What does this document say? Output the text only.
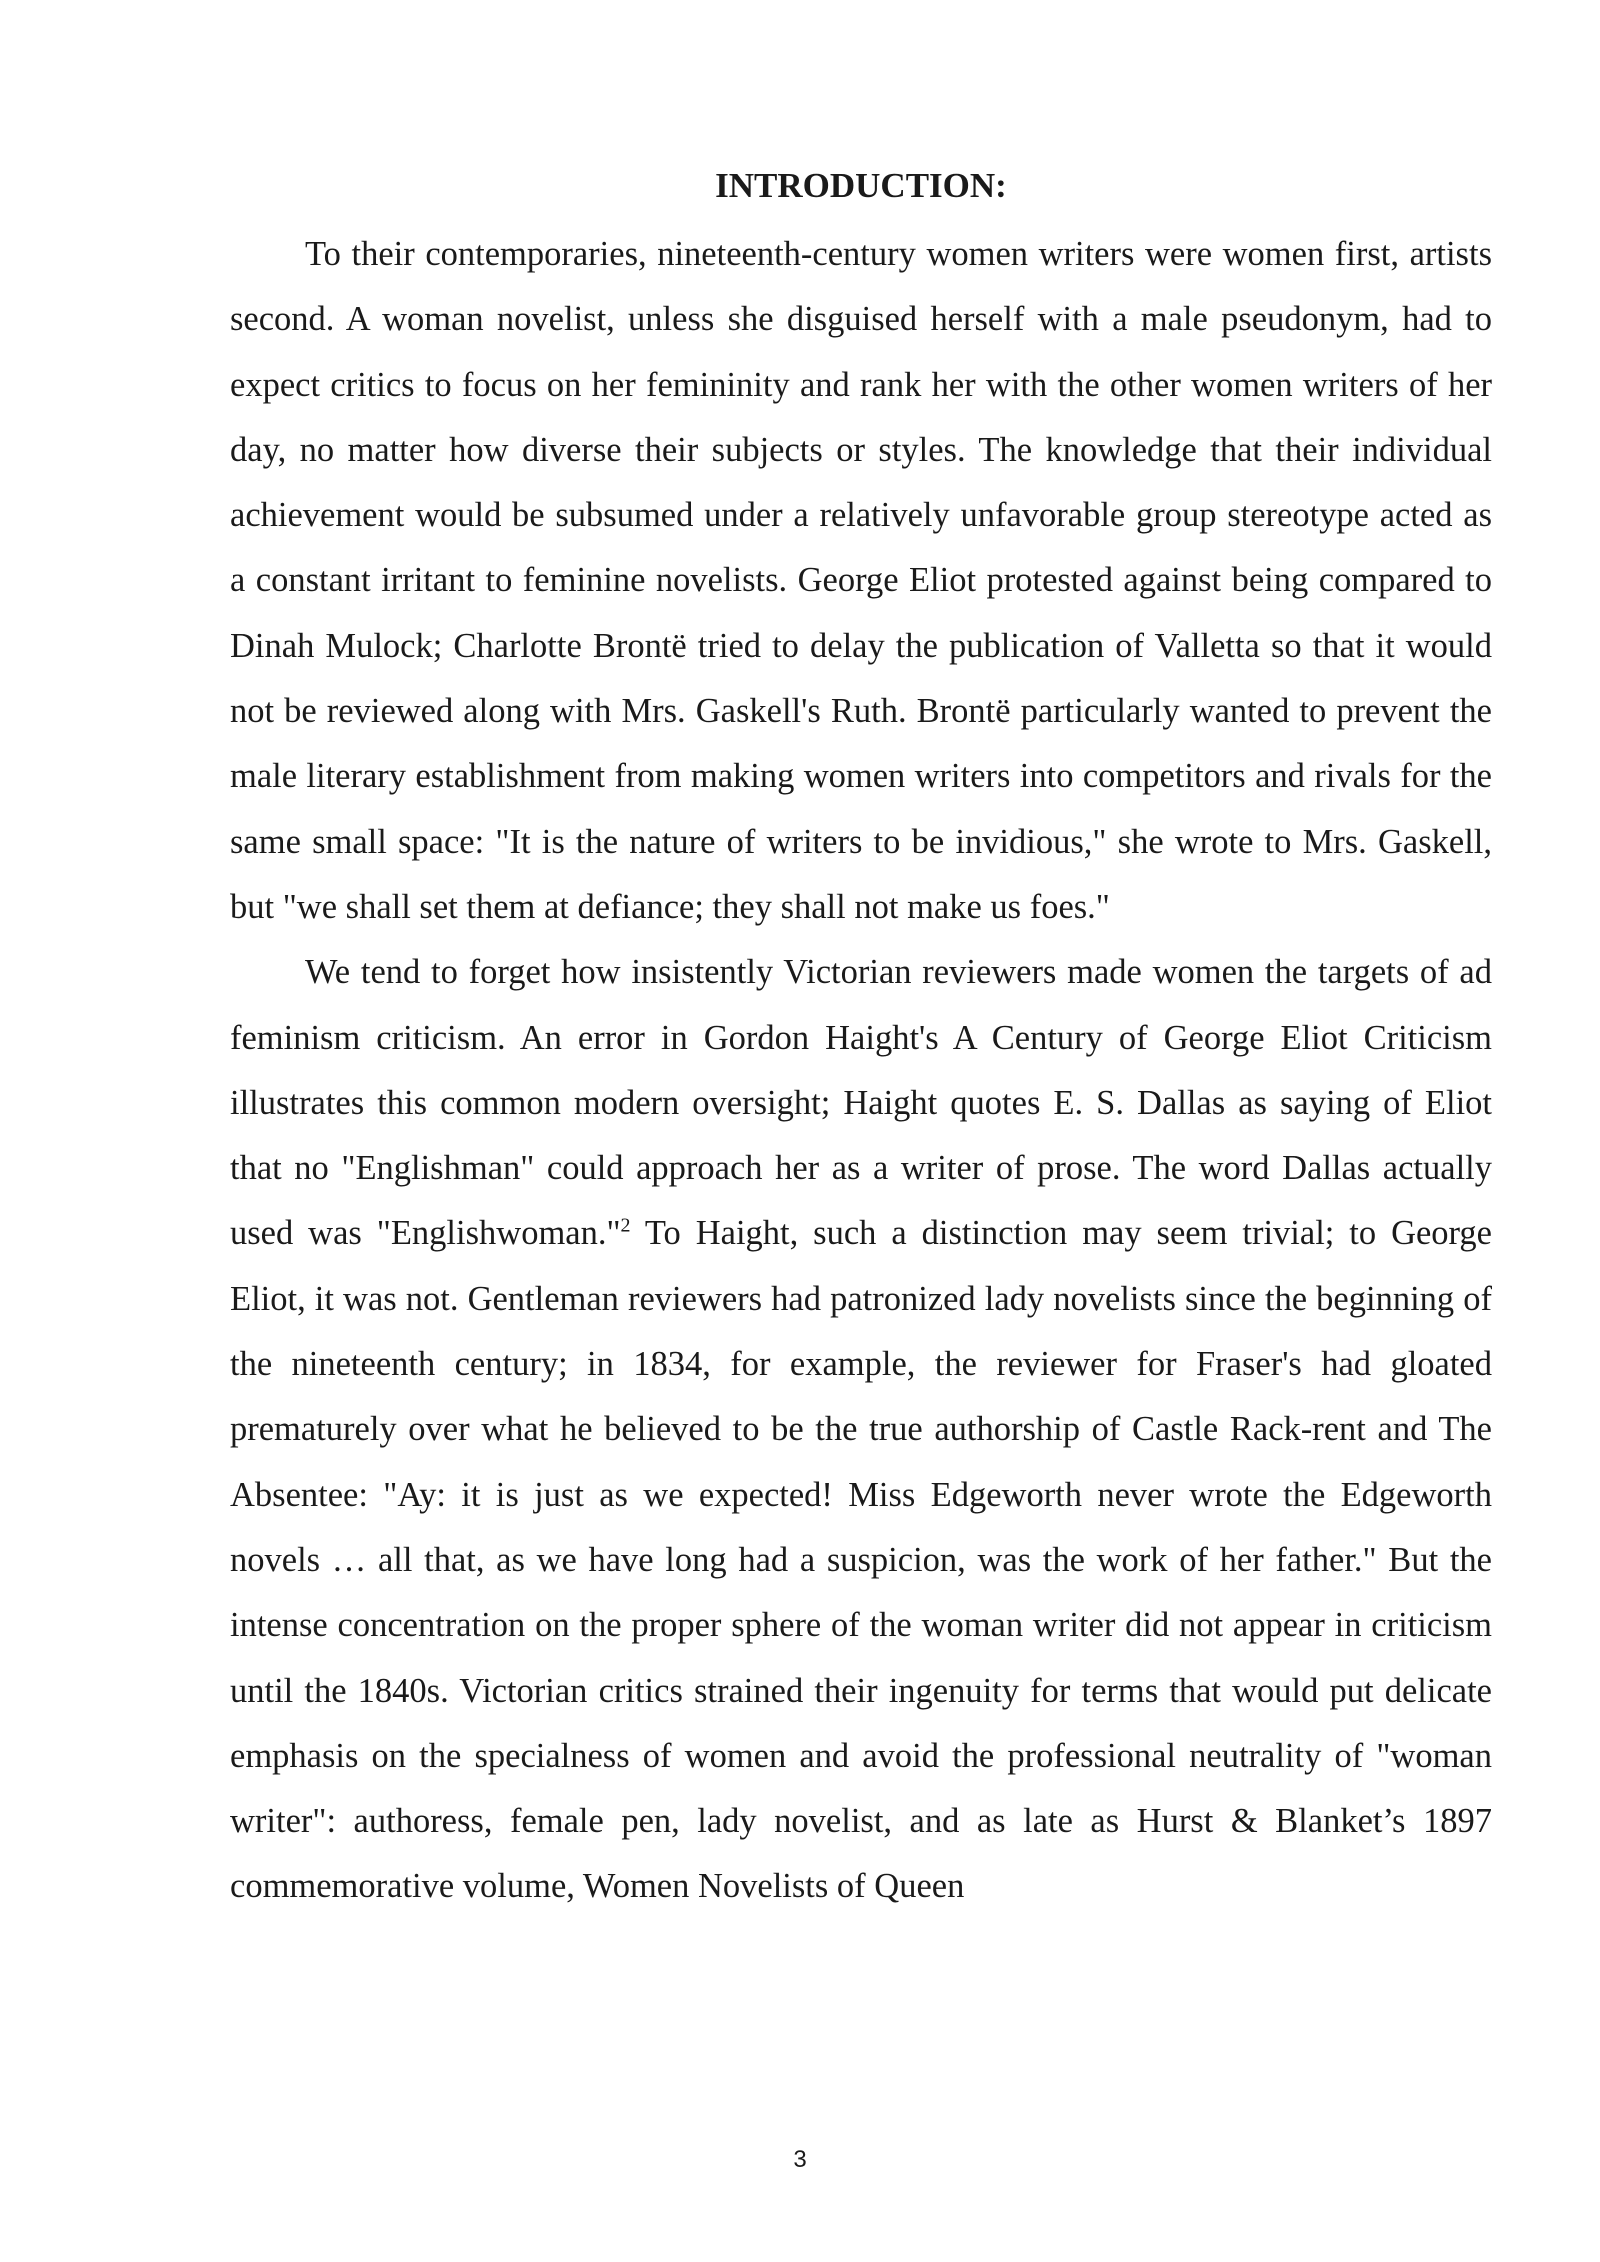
INTRODUCTION:

To their contemporaries, nineteenth-century women writers were women first, artists second. A woman novelist, unless she disguised herself with a male pseudonym, had to expect critics to focus on her femininity and rank her with the other women writers of her day, no matter how diverse their subjects or styles. The knowledge that their individual achievement would be subsumed under a relatively unfavorable group stereotype acted as a constant irritant to feminine novelists. George Eliot protested against being compared to Dinah Mulock; Charlotte Brontë tried to delay the publication of Valletta so that it would not be reviewed along with Mrs. Gaskell's Ruth. Brontë particularly wanted to prevent the male literary establishment from making women writers into competitors and rivals for the same small space: "It is the nature of writers to be invidious," she wrote to Mrs. Gaskell, but "we shall set them at defiance; they shall not make us foes."

We tend to forget how insistently Victorian reviewers made women the targets of ad feminism criticism. An error in Gordon Haight's A Century of George Eliot Criticism illustrates this common modern oversight; Haight quotes E. S. Dallas as saying of Eliot that no "Englishman" could approach her as a writer of prose. The word Dallas actually used was "Englishwoman."$^2$ To Haight, such a distinction may seem trivial; to George Eliot, it was not. Gentleman reviewers had patronized lady novelists since the beginning of the nineteenth century; in 1834, for example, the reviewer for Fraser's had gloated prematurely over what he believed to be the true authorship of Castle Rack-rent and The Absentee: "Ay: it is just as we expected! Miss Edgeworth never wrote the Edgeworth novels … all that, as we have long had a suspicion, was the work of her father." But the intense concentration on the proper sphere of the woman writer did not appear in criticism until the 1840s. Victorian critics strained their ingenuity for terms that would put delicate emphasis on the specialness of women and avoid the professional neutrality of "woman writer": authoress, female pen, lady novelist, and as late as Hurst & Blanket’s 1897 commemorative volume, Women Novelists of Queen

3
